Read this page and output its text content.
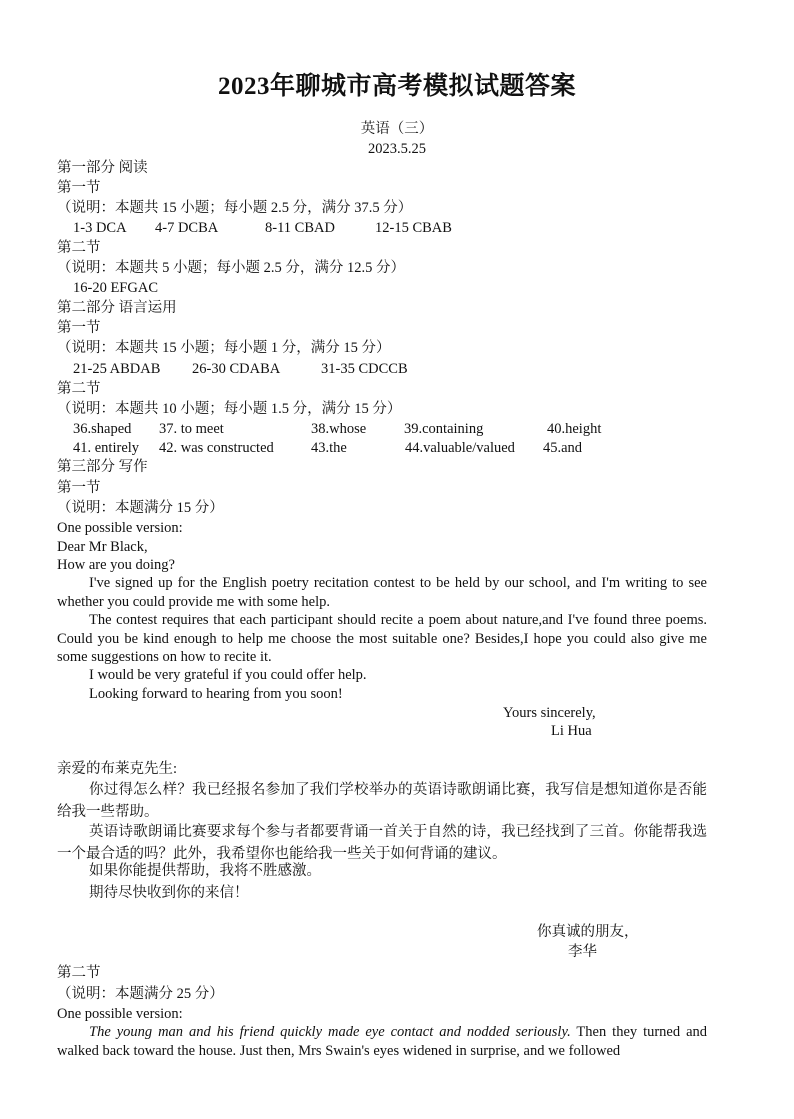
2023年聊城市高考模拟试题答案
英语（三）
2023.5.25
第一部分 阅读
第一节
（说明：本题共 15 小题；每小题 2.5 分，满分 37.5 分）
1-3 DCA 4-7 DCBA	8-11 CBAD	12-15 CBAB
第二节
（说明：本题共 5 小题；每小题 2.5 分，满分 12.5 分）
16-20 EFGAC
第二部分 语言运用
第一节
（说明：本题共 15 小题；每小题 1 分，满分 15 分）
21-25 ABDAB 26-30 CDABA	31-35 CDCCB
第二节
（说明：本题共 10 小题；每小题 1.5 分，满分 15 分）
36.shaped 37. to meet	38.whose	39.containing	40.height
41. entirely 42. was constructed	43.the	44.valuable/valued 45.and
第三部分 写作
第一节
（说明：本题满分 15 分）
One possible version:
Dear Mr Black,
How are you doing?
I've signed up for the English poetry recitation contest to be held by our school, and I'm writing to see whether you could provide me with some help.
The contest requires that each participant should recite a poem about nature,and I've found three poems. Could you be kind enough to help me choose the most suitable one? Besides,I hope you could also give me some suggestions on how to recite it.
I would be very grateful if you could offer help.
Looking forward to hearing from you soon!
Yours sincerely,
Li Hua
亲爱的布莱克先生:
你过得怎么样？我已经报名参加了我们学校举办的英语诗歌朗诵比赛，我写信是想知道你是否能给我一些帮助。
英语诗歌朗诵比赛要求每个参与者都要背诵一首关于自然的诗，我已经找到了三首。你能帮我选一个最合适的吗？此外，我希望你也能给我一些关于如何背诵的建议。
如果你能提供帮助，我将不胜感激。
期待尽快收到你的来信！
你真诚的朋友，
李华
第二节
（说明：本题满分 25 分）
One possible version:
The young man and his friend quickly made eye contact and nodded seriously. Then they turned and walked back toward the house. Just then, Mrs Swain's eyes widened in surprise, and we followed
